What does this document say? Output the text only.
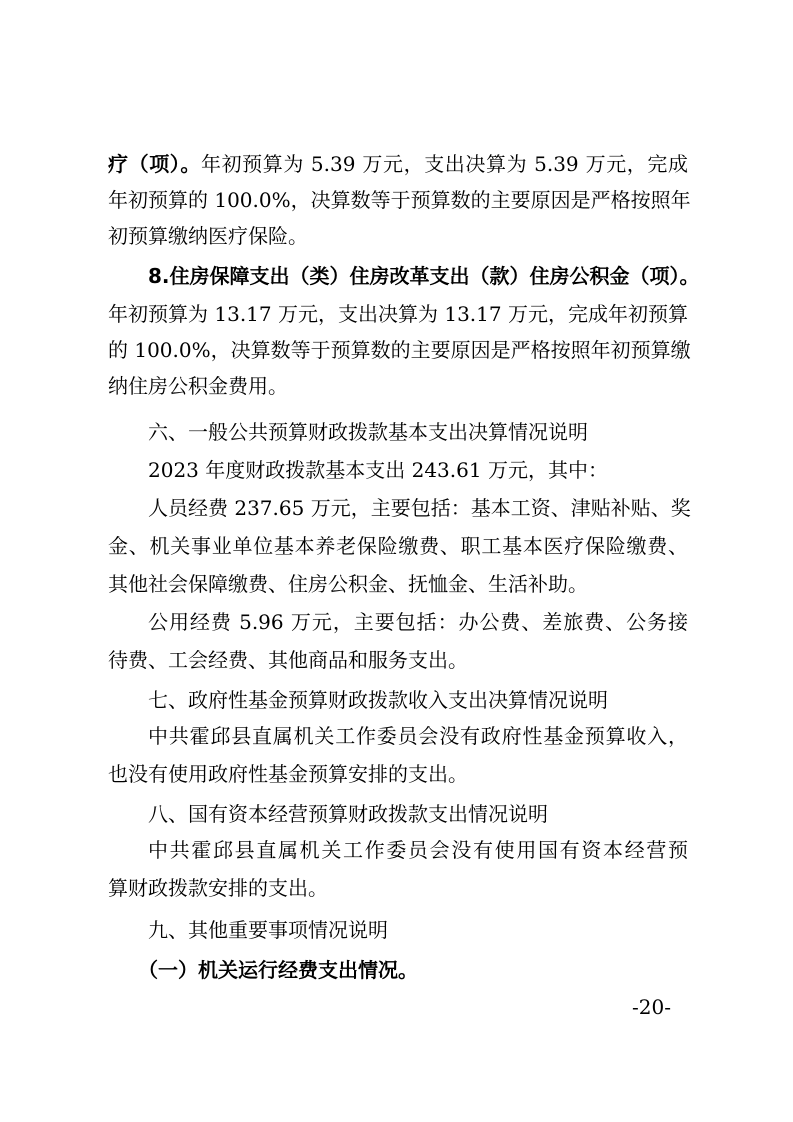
疗（项）。年初预算为 5.39 万元，支出决算为 5.39 万元，完成
年初预算的 100.0%，决算数等于预算数的主要原因是严格按照年
初预算缴纳医疗保险。
8.住房保障支出（类）住房改革支出（款）住房公积金（项）。
年初预算为 13.17 万元，支出决算为 13.17 万元，完成年初预算
的 100.0%，决算数等于预算数的主要原因是严格按照年初预算缴
纳住房公积金费用。
六、一般公共预算财政拨款基本支出决算情况说明
2023 年度财政拨款基本支出 243.61 万元，其中：
人员经费 237.65 万元，主要包括：基本工资、津贴补贴、奖
金、机关事业单位基本养老保险缴费、职工基本医疗保险缴费、
其他社会保障缴费、住房公积金、抚恤金、生活补助。
公用经费 5.96 万元，主要包括：办公费、差旅费、公务接
待费、工会经费、其他商品和服务支出。
七、政府性基金预算财政拨款收入支出决算情况说明
中共霍邱县直属机关工作委员会没有政府性基金预算收入，
也没有使用政府性基金预算安排的支出。
八、国有资本经营预算财政拨款支出情况说明
中共霍邱县直属机关工作委员会没有使用国有资本经营预
算财政拨款安排的支出。
九、其他重要事项情况说明
（一）机关运行经费支出情况。
-20-
